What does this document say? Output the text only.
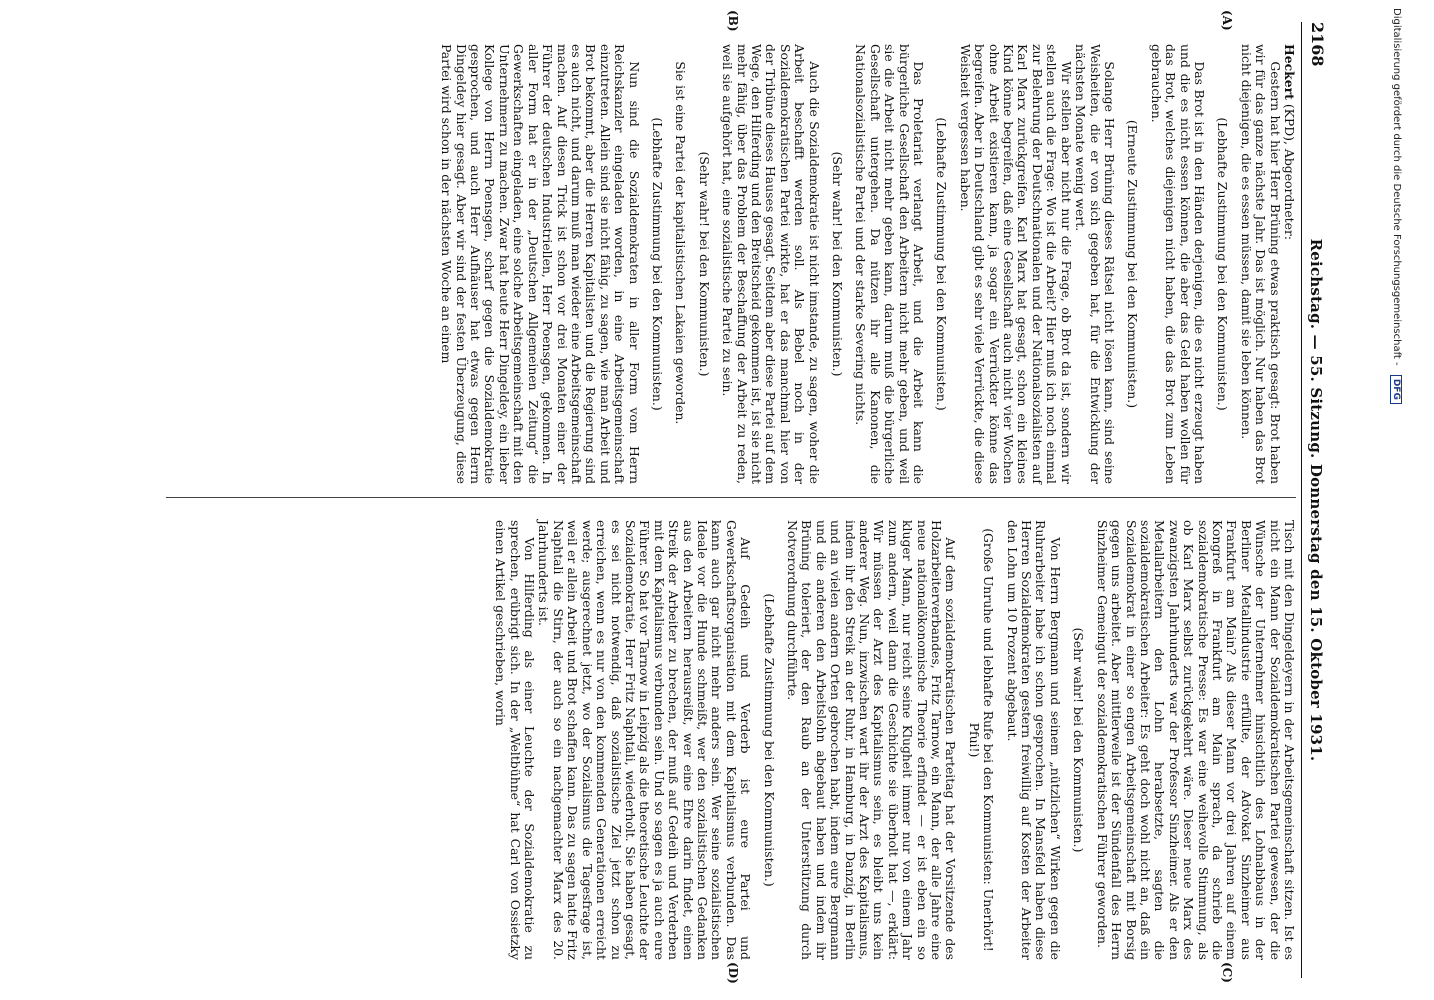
2168
Reichstag. — 55. Sitzung. Donnerstag den 15. Oktober 1931.
(A)
(B)
(C)
(D)

Heckert (KPD), Abgeordneter:

Gestern hat hier Herr Brüning etwas praktisch gesagt: Brot haben wir für das ganze nächste Jahr. Das ist möglich. Nur haben das Brot nicht diejenigen, die es essen müssen, damit sie leben können.

(Lebhafte Zustimmung bei den Kommunisten.)

Das Brot ist in den Händen derjenigen, die es nicht erzeugt haben und die es nicht essen können, die aber das Geld haben wollen für das Brot, welches diejenigen nicht haben, die das Brot zum Leben gebrauchen.

(Erneute Zustimmung bei den Kommunisten.)

Solange Herr Brüning dieses Rätsel nicht lösen kann, sind seine Weisheiten, die er von sich gegeben hat, für die Entwicklung der nächsten Monate wenig wert.

Wir stellen aber nicht nur die Frage, ob Brot da ist, sondern wir stellen auch die Frage: Wo ist die Arbeit? Hier muß ich noch einmal zur Belehrung der Deutschnationalen und der Nationalsozialisten auf Karl Marx zurückgreifen. Karl Marx hat gesagt, schon ein kleines Kind könne begreifen, daß eine Gesellschaft auch nicht vier Wochen ohne Arbeit existieren kann, ja sogar ein Verrückter könne das begreifen. Aber in Deutschland gibt es sehr viele Verrückte, die diese Weisheit vergessen haben.

(Lebhafte Zustimmung bei den Kommunisten.)

Das Proletariat verlangt Arbeit, und die Arbeit kann die bürgerliche Gesellschaft den Arbeitern nicht mehr geben, und weil sie die Arbeit nicht mehr geben kann, darum muß die bürgerliche Gesellschaft untergehen. Da nützen ihr alle Kanonen, die Nationalsozialistische Partei und der starke Severing nichts.

(Sehr wahr! bei den Kommunisten.)

Auch die Sozialdemokratie ist nicht imstande, zu sagen, woher die Arbeit beschafft werden soll. Als Bebel noch in der Sozialdemokratischen Partei wirkte, hat er das manchmal hier von der Tribüne dieses Hauses gesagt. Seitdem aber diese Partei auf dem Wege, den Hilferding und den Breitscheid gekommen ist, ist sie nicht mehr fähig, über das Problem der Beschaffung der Arbeit zu reden, weil sie aufgehört hat, eine sozialistische Partei zu sein.

(Sehr wahr! bei den Kommunisten.)

Sie ist eine Partei der kapitalistischen Lakaien geworden.

(Lebhafte Zustimmung bei den Kommunisten.)

Nun sind die Sozialdemokraten in aller Form vom Herrn Reichskanzler eingeladen worden, in eine Arbeitsgemeinschaft einzutreten. Allein sind sie nicht fähig, zu sagen, wie man Arbeit und Brot bekommt, aber die Herren Kapitalisten und die Regierung sind es auch nicht, und darum muß man wieder eine Arbeitsgemeinschaft machen. Auf diesen Trick ist schon vor drei Monaten einer der Führer der deutschen Industriellen, Herr Poensgen, gekommen. In aller Form hat er in der „Deutschen Allgemeinen Zeitung“ die Gewerkschaften eingeladen, eine solche Arbeitsgemeinschaft mit den Unternehmern zu machen. Zwar hat heute Herr Dingeldey, ein lieber Kollege von Herrn Poensgen, scharf gegen die Sozialdemokratie gesprochen, und auch Herr Aufhäuser hat etwas gegen Herrn Dingeldey hier gesagt. Aber wir sind der festen Überzeugung, diese Partei wird schon in der nächsten Woche an einem

Tisch mit den Dingeldeyern in der Arbeitsgemeinschaft sitzen. Ist es nicht ein Mann der Sozialdemokratischen Partei gewesen, der die Wünsche der Unternehmer hinsichtlich des Lohnabbaus in der Berliner Metallindustrie erfüllte, der Advokat Sinzheimer aus Frankfurt am Main? Als dieser Mann vor drei Jahren auf einem Kongreß in Frankfurt am Main sprach, da schrieb die sozialdemokratische Presse: Es war eine weihevolle Stimmung, als ob Karl Marx selbst zurückgekehrt wäre. Dieser neue Marx des zwanzigsten Jahrhunderts war der Professor Sinzheimer. Als er den Metallarbeitern den Lohn herabsetzte, sagten die sozialdemokratischen Arbeiter: Es geht doch wohl nicht an, daß ein Sozialdemokrat in einer so engen Arbeitsgemeinschaft mit Borsig gegen uns arbeitet. Aber mittlerweile ist der Sündenfall des Herrn Sinzheimer Gemeingut der sozialdemokratischen Führer geworden.

(Sehr wahr! bei den Kommunisten.)

Von Herrn Bergmann und seinem „nützlichen“ Wirken gegen die Ruhrarbeiter habe ich schon gesprochen. In Mansfeld haben diese Herren Sozialdemokraten gestern freiwillig auf Kosten der Arbeiter den Lohn um 10 Prozent abgebaut.

(Große Unruhe und lebhafte Rufe bei den Kommunisten: Unerhört! Pfui!)

Auf dem sozialdemokratischen Parteitag hat der Vorsitzende des Holzarbeiterverbandes, Fritz Tarnow, ein Mann, der alle Jahre eine neue nationalökonomische Theorie erfindet — er ist eben ein so kluger Mann, nur reicht seine Klugheit immer nur von einem Jahr zum andern, weil dann die Geschichte sie überholt hat —, erklärt: Wir müssen der Arzt des Kapitalismus sein, es bleibt uns kein anderer Weg. Nun, inzwischen wart ihr der Arzt des Kapitalismus, indem ihr den Streik an der Ruhr, in Hamburg, in Danzig, in Berlin und an vielen andern Orten gebrochen habt, indem eure Bergmann und die anderen den Arbeitslohn abgebaut haben und indem ihr Brüning toleriert, der den Raub an der Unterstützung durch Notverordnung durchführte.

(Lebhafte Zustimmung bei den Kommunisten.)

Auf Gedeih und Verderb ist eure Partei und Gewerkschaftsorganisation mit dem Kapitalismus verbunden. Das kann auch gar nicht mehr anders sein. Wer seine sozialistischen Ideale vor die Hunde schmeißt, wer den sozialistischen Gedanken aus den Arbeitern herausreißt, wer eine Ehre darin findet, einen Streik der Arbeiter zu brechen, der muß auf Gedeih und Verderben mit dem Kapitalismus verbunden sein. Und so sagen es ja auch eure Führer. So hat vor Tarnow in Leipzig als die theoretische Leuchte der Sozialdemokratie, Herr Fritz Naphtali, wiederholt. Sie haben gesagt, es sei nicht notwendig, daß sozialistische Ziel jetzt schon zu erreichen, wenn es nur von den kommenden Generationen erreicht werde; ausgerechnet jetzt, wo der Sozialismus die Tagesfrage ist, weil er allein Arbeit und Brot schaffen kann. Das zu sagen hatte Fritz Naphtali die Stirn, der auch so ein nachgemachter Marx des 20. Jahrhunderts ist.

Von Hilferding als einer Leuchte der Sozialdemokratie zu sprechen, erübrigt sich. In der „Weltbühne“ hat Carl von Ossietzky einen Artikel geschrieben, worin

Digitalisierung gefördert durch die Deutsche Forschungsgemeinschaft - DFG
